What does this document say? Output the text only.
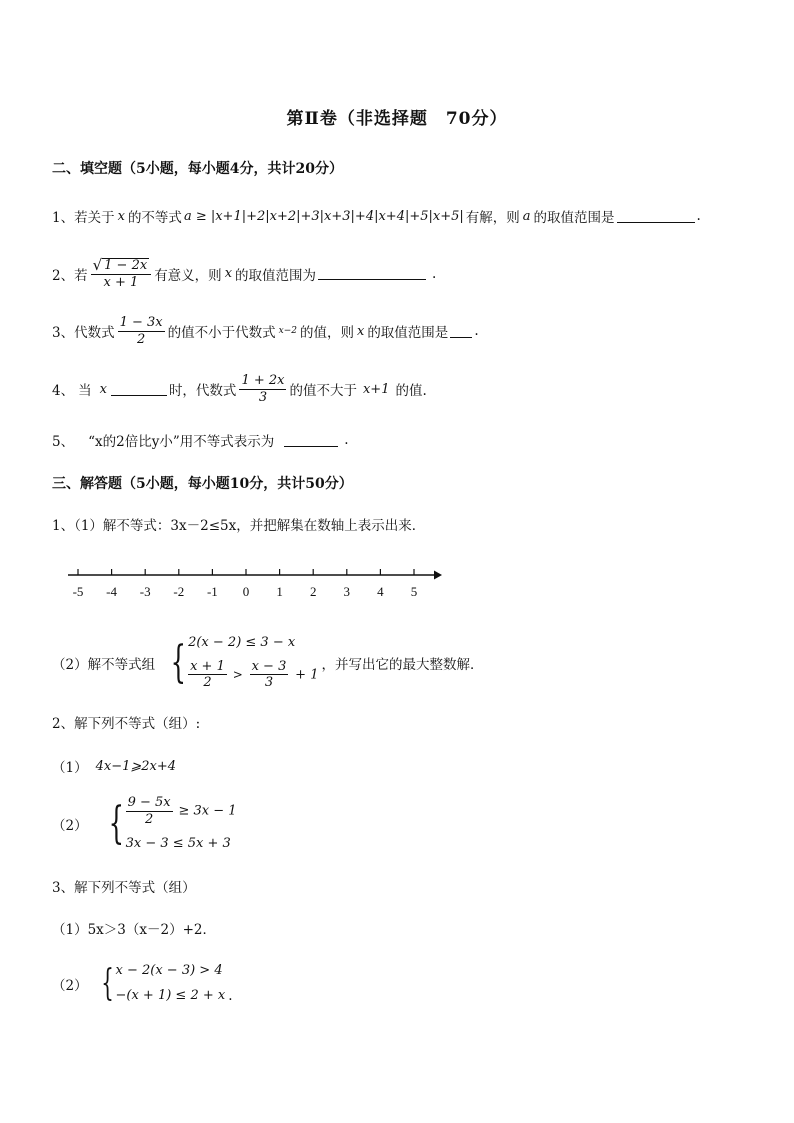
第Ⅱ卷（非选择题　70分）
二、填空题（5小题，每小题4分，共计20分）
1、 若关于 x 的不等式 a ≥ |x+1|+2|x+2|+3|x+3|+4|x+4|+5|x+5| 有解，则 a 的取值范围是	.
2、 若 $\frac{√ 1 - 2x}{x + 1}$ 有意义，则 x 的取值范围为	.
3、 代数式 $\frac{1 - 3x}{2}$ 的值不小于代数式 x−2 的值，则 x 的取值范围是 .
4、 当 x	时，代数式 $\frac{1 + 2x}{3}$ 的值不大于 x+1 的值.
5、 “x的2倍比y小”用不等式表示为	.
三、解答题（5小题，每小题10分，共计50分）
1、（1）解不等式：3x－2≤5x，并把解集在数轴上表示出来．
-5 -4 -3 -2 -1 0 1 2 3 4 5
（2）解不等式组 { 2(x − 2) ≤ 3 − x
$\frac{x + 1}{2} > \frac{x - 3}{3} + 1$
，并写出它的最大整数解．
2、解下列不等式（组）:
（1） 4x−1⩾2x+4
（2） { $\frac{9 - 5x}{2} \ge 3x - 1$
3x − 3 ≤ 5x + 3
3、解下列不等式（组）
（1）5x＞3（x－2）+2．
（2） { x − 2(x − 3) > 4
−(x + 1) ≤ 2 + x .
